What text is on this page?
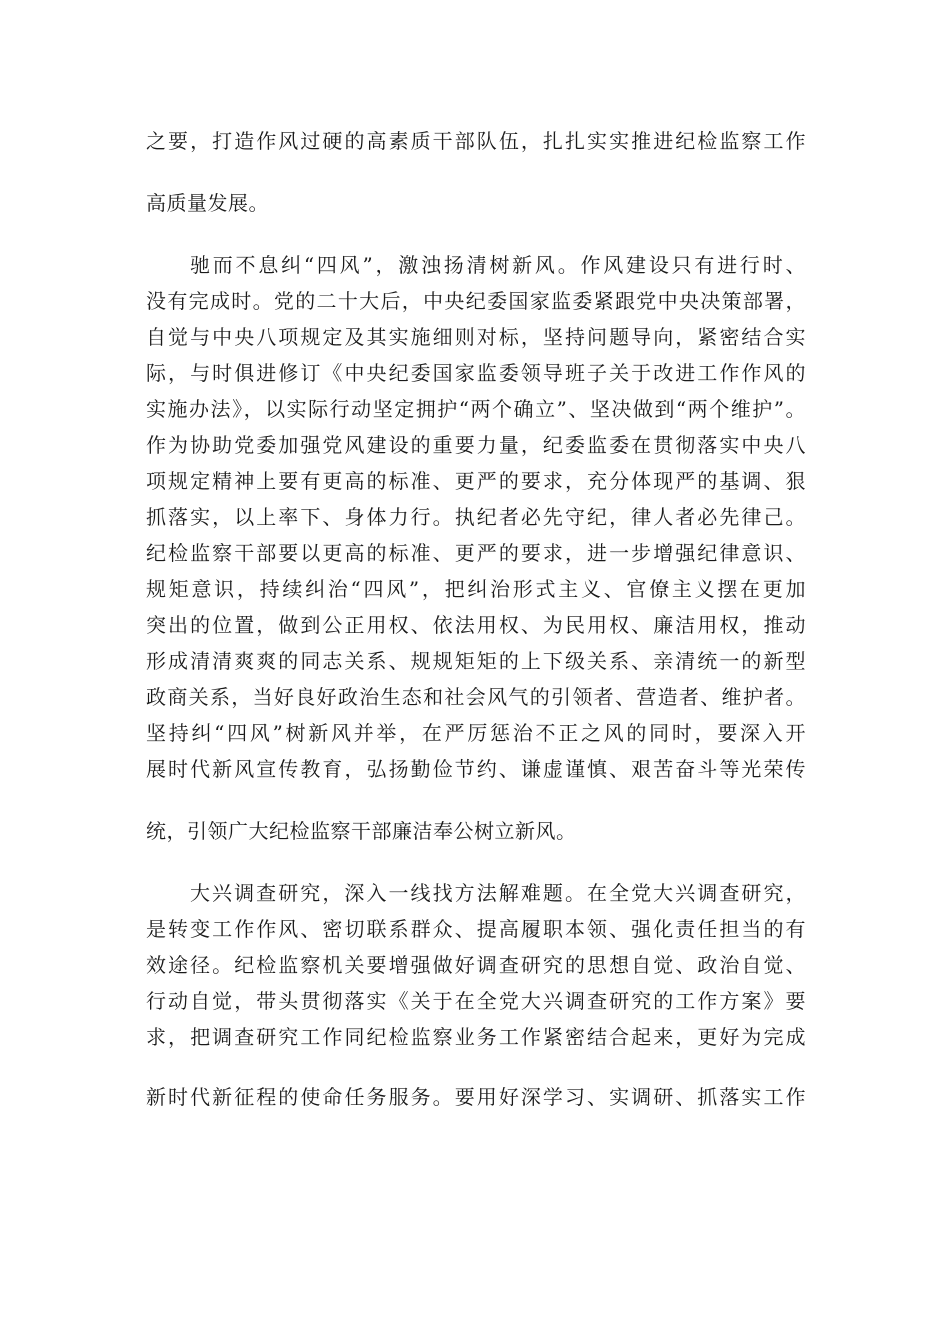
之要，打造作风过硬的高素质干部队伍，扎扎实实推进纪检监察工作
高质量发展。
驰而不息纠“四风”，激浊扬清树新风。作风建设只有进行时、
没有完成时。党的二十大后，中央纪委国家监委紧跟党中央决策部署，
自觉与中央八项规定及其实施细则对标，坚持问题导向，紧密结合实
际，与时俱进修订《中央纪委国家监委领导班子关于改进工作作风的
实施办法》，以实际行动坚定拥护“两个确立”、坚决做到“两个维护”。
作为协助党委加强党风建设的重要力量，纪委监委在贯彻落实中央八
项规定精神上要有更高的标准、更严的要求，充分体现严的基调、狠
抓落实，以上率下、身体力行。执纪者必先守纪，律人者必先律己。
纪检监察干部要以更高的标准、更严的要求，进一步增强纪律意识、
规矩意识，持续纠治“四风”，把纠治形式主义、官僚主义摆在更加
突出的位置，做到公正用权、依法用权、为民用权、廉洁用权，推动
形成清清爽爽的同志关系、规规矩矩的上下级关系、亲清统一的新型
政商关系，当好良好政治生态和社会风气的引领者、营造者、维护者。
坚持纠“四风”树新风并举，在严厉惩治不正之风的同时，要深入开
展时代新风宣传教育，弘扬勤俭节约、谦虚谨慎、艰苦奋斗等光荣传
统，引领广大纪检监察干部廉洁奉公树立新风。
大兴调查研究，深入一线找方法解难题。在全党大兴调查研究，
是转变工作作风、密切联系群众、提高履职本领、强化责任担当的有
效途径。纪检监察机关要增强做好调查研究的思想自觉、政治自觉、
行动自觉，带头贯彻落实《关于在全党大兴调查研究的工作方案》要
求，把调查研究工作同纪检监察业务工作紧密结合起来，更好为完成
新时代新征程的使命任务服务。要用好深学习、实调研、抓落实工作
